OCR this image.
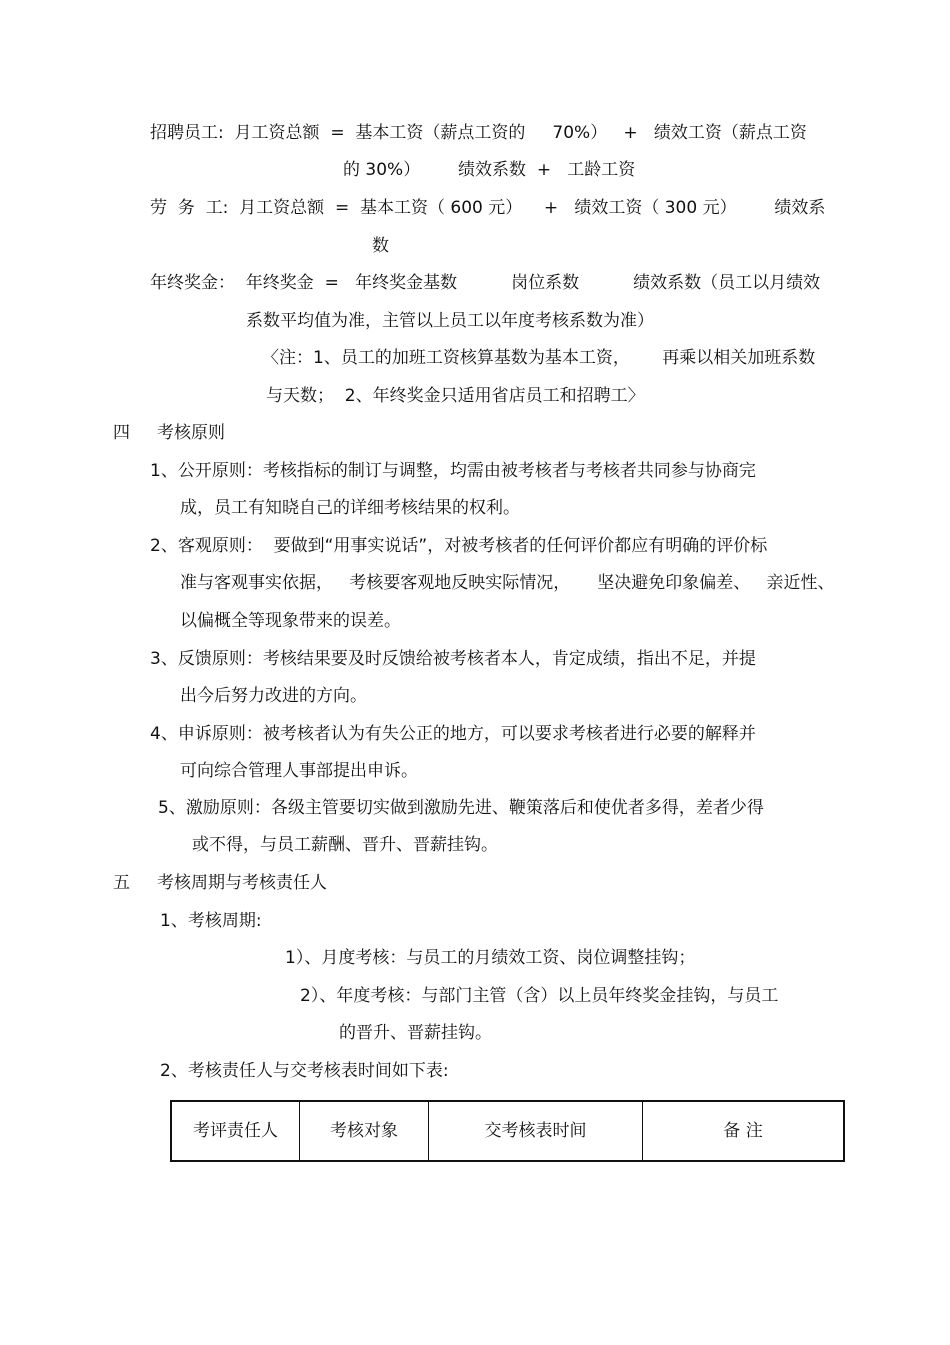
招聘员工:  月工资总额  =  基本工资（薪点工资的     70%）   +   绩效工资（薪点工资
的 30%）       绩效系数  +   工龄工资
劳  务  工:  月工资总额  =  基本工资（ 600 元）    +   绩效工资（ 300 元）       绩效系
数
年终奖金：  年终奖金  =   年终奖金基数          岗位系数          绩效系数（员工以月绩效
系数平均值为准，主管以上员工以年度考核系数为准）
〈注：1、员工的加班工资核算基数为基本工资，      再乘以相关加班系数
与天数；  2、年终奖金只适用省店员工和招聘工〉
四     考核原则
1、公开原则：考核指标的制订与调整，均需由被考核者与考核者共同参与协商完
成，员工有知晓自己的详细考核结果的权利。
2、客观原则：  要做到“用事实说话”，对被考核者的任何评价都应有明确的评价标
准与客观事实依据，   考核要客观地反映实际情况，     坚决避免印象偏差、   亲近性、
以偏概全等现象带来的误差。
3、反馈原则：考核结果要及时反馈给被考核者本人，肯定成绩，指出不足，并提
出今后努力改进的方向。
4、申诉原则：被考核者认为有失公正的地方，可以要求考核者进行必要的解释并
可向综合管理人事部提出申诉。
5、激励原则：各级主管要切实做到激励先进、鞭策落后和使优者多得，差者少得
或不得，与员工薪酬、晋升、晋薪挂钩。
五     考核周期与考核责任人
1、考核周期:
1）、月度考核：与员工的月绩效工资、岗位调整挂钩；
2）、年度考核：与部门主管（含）以上员年终奖金挂钩，与员工
的晋升、晋薪挂钩。
2、考核责任人与交考核表时间如下表:
考评责任人	考核对象	交考核表时间	备 注
